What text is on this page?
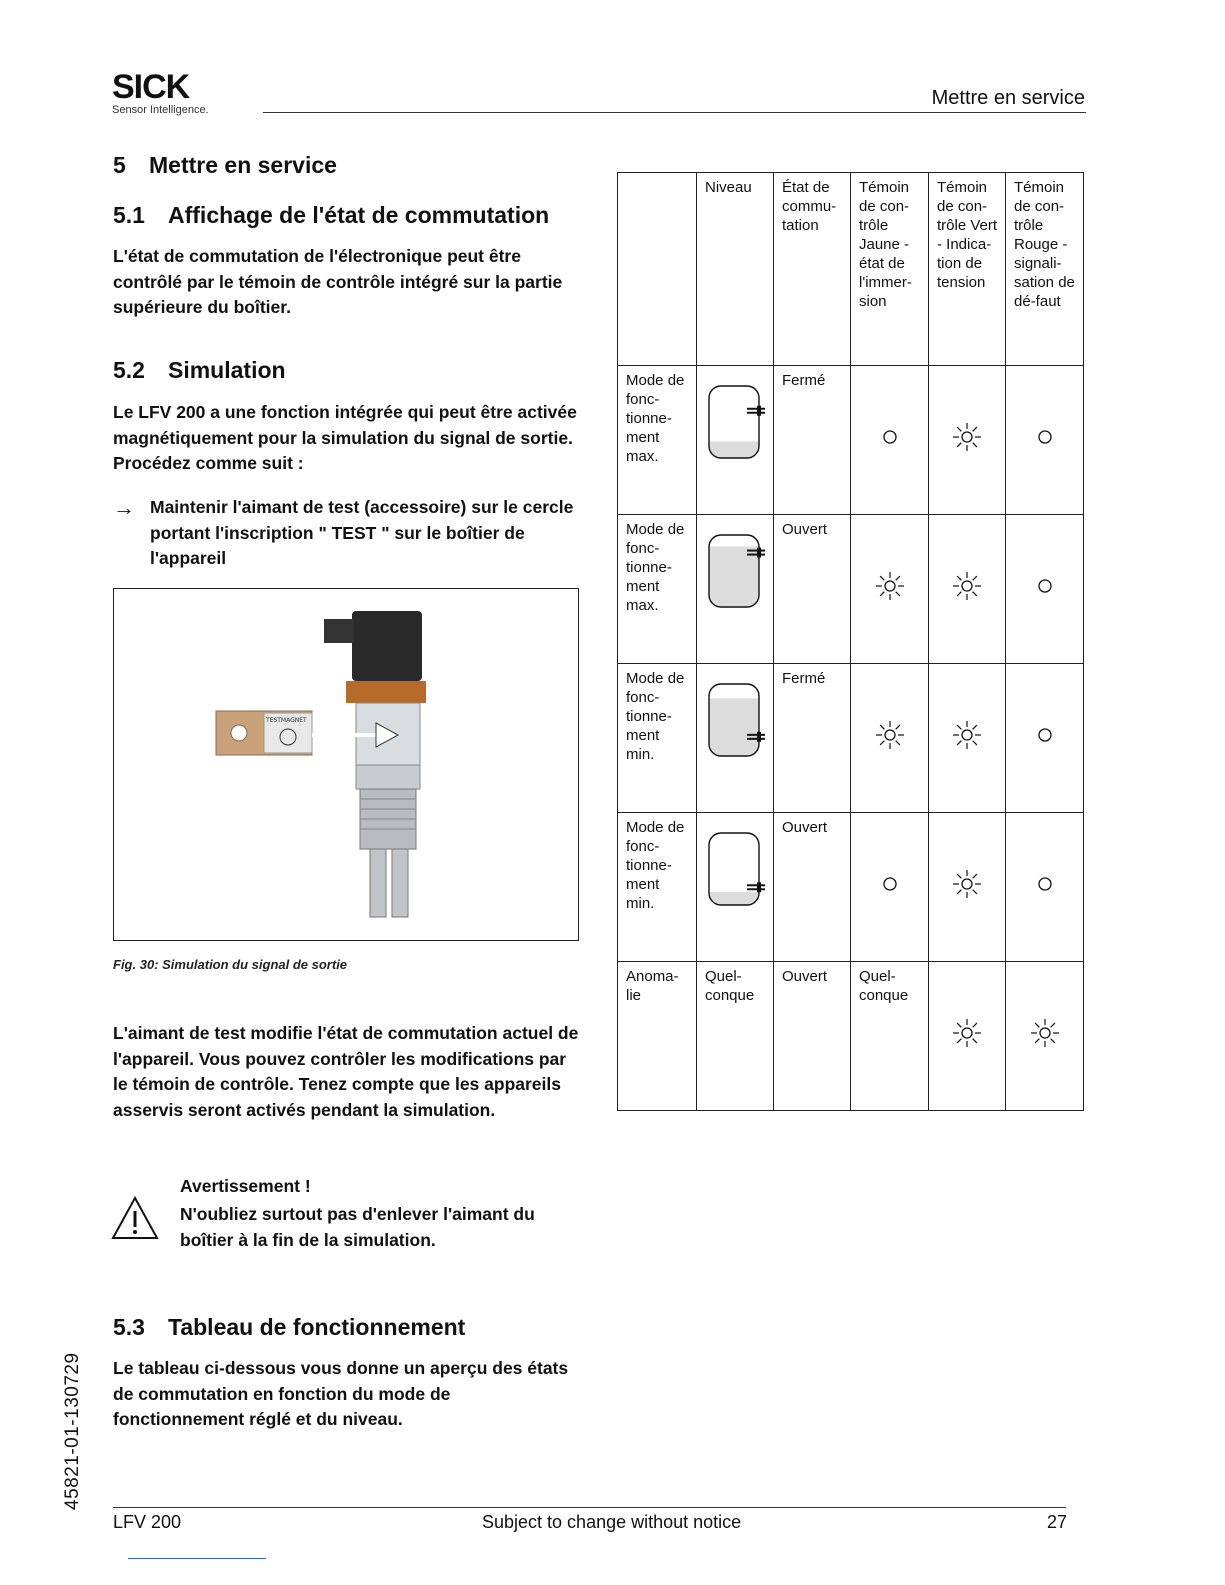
SICK
Sensor Intelligence.
Mettre en service
5 Mettre en service
5.1 Affichage de l'état de commutation
L'état de commutation de l'électronique peut être contrôlé par le témoin de contrôle intégré sur la partie supérieure du boîtier.
5.2 Simulation
Le LFV 200 a une fonction intégrée qui peut être activée magnétiquement pour la simulation du signal de sortie. Procédez comme suit :
→ Maintenir l'aimant de test (accessoire) sur le cercle portant l'inscription " TEST " sur le boîtier de l'appareil
TESTMAGNET
Fig. 30: Simulation du signal de sortie
L'aimant de test modifie l'état de commutation actuel de l'appareil. Vous pouvez contrôler les modifications par le témoin de contrôle. Tenez compte que les appareils asservis seront activés pendant la simulation.
Avertissement !
N'oubliez surtout pas d'enlever l'aimant du boîtier à la fin de la simulation.
5.3 Tableau de fonctionnement
Le tableau ci-dessous vous donne un aperçu des états de commutation en fonction du mode de fonctionnement réglé et du niveau.
	Niveau	État de commu-tation	Témoin de con-trôle Jaune - état de l'immer-sion	Témoin de con-trôle Vert - Indica-tion de tension	Témoin de con-trôle Rouge - signali-sation de dé-faut
Mode de fonc-tionne-ment max.		Fermé	

Mode de fonc-tionne-ment max.		Ouvert	

Mode de fonc-tionne-ment min.		Fermé	

Mode de fonc-tionne-ment min.		Ouvert	

Anoma-lie	Quel-conque	Ouvert	Quel-conque	

45821-01-130729
LFV 200	Subject to change without notice	27
